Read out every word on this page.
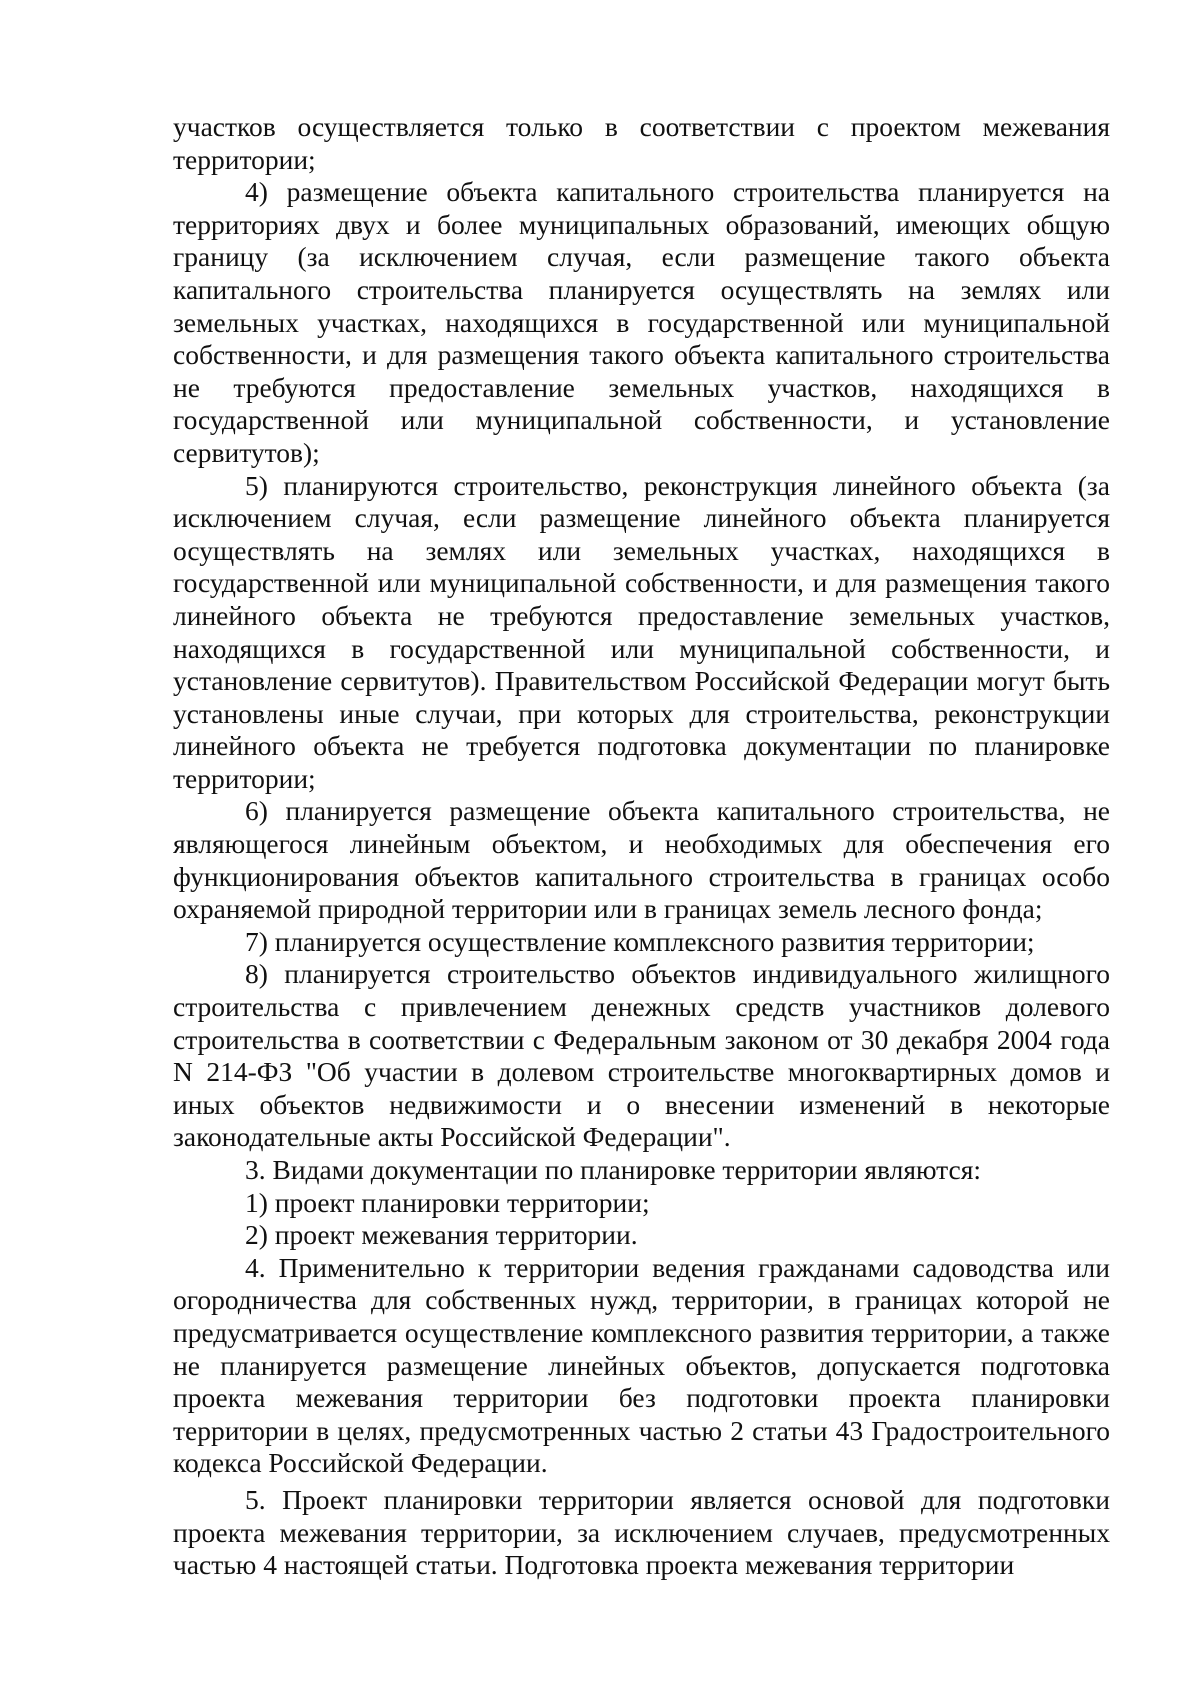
участков осуществляется только в соответствии с проектом межевания территории;

4) размещение объекта капитального строительства планируется на территориях двух и более муниципальных образований, имеющих общую границу (за исключением случая, если размещение такого объекта капитального строительства планируется осуществлять на землях или земельных участках, находящихся в государственной или муниципальной собственности, и для размещения такого объекта капитального строительства не требуются предоставление земельных участков, находящихся в государственной или муниципальной собственности, и установление сервитутов);

5) планируются строительство, реконструкция линейного объекта (за исключением случая, если размещение линейного объекта планируется осуществлять на землях или земельных участках, находящихся в государственной или муниципальной собственности, и для размещения такого линейного объекта не требуются предоставление земельных участков, находящихся в государственной или муниципальной собственности, и установление сервитутов). Правительством Российской Федерации могут быть установлены иные случаи, при которых для строительства, реконструкции линейного объекта не требуется подготовка документации по планировке территории;

6) планируется размещение объекта капитального строительства, не являющегося линейным объектом, и необходимых для обеспечения его функционирования объектов капитального строительства в границах особо охраняемой природной территории или в границах земель лесного фонда;

7) планируется осуществление комплексного развития территории;

8) планируется строительство объектов индивидуального жилищного строительства с привлечением денежных средств участников долевого строительства в соответствии с Федеральным законом от 30 декабря 2004 года N 214-ФЗ "Об участии в долевом строительстве многоквартирных домов и иных объектов недвижимости и о внесении изменений в некоторые законодательные акты Российской Федерации".

3. Видами документации по планировке территории являются:

1) проект планировки территории;

2) проект межевания территории.

4. Применительно к территории ведения гражданами садоводства или огородничества для собственных нужд, территории, в границах которой не предусматривается осуществление комплексного развития территории, а также не планируется размещение линейных объектов, допускается подготовка проекта межевания территории без подготовки проекта планировки территории в целях, предусмотренных частью 2 статьи 43 Градостроительного кодекса Российской Федерации.

5. Проект планировки территории является основой для подготовки проекта межевания территории, за исключением случаев, предусмотренных частью 4 настоящей статьи. Подготовка проекта межевания территории
